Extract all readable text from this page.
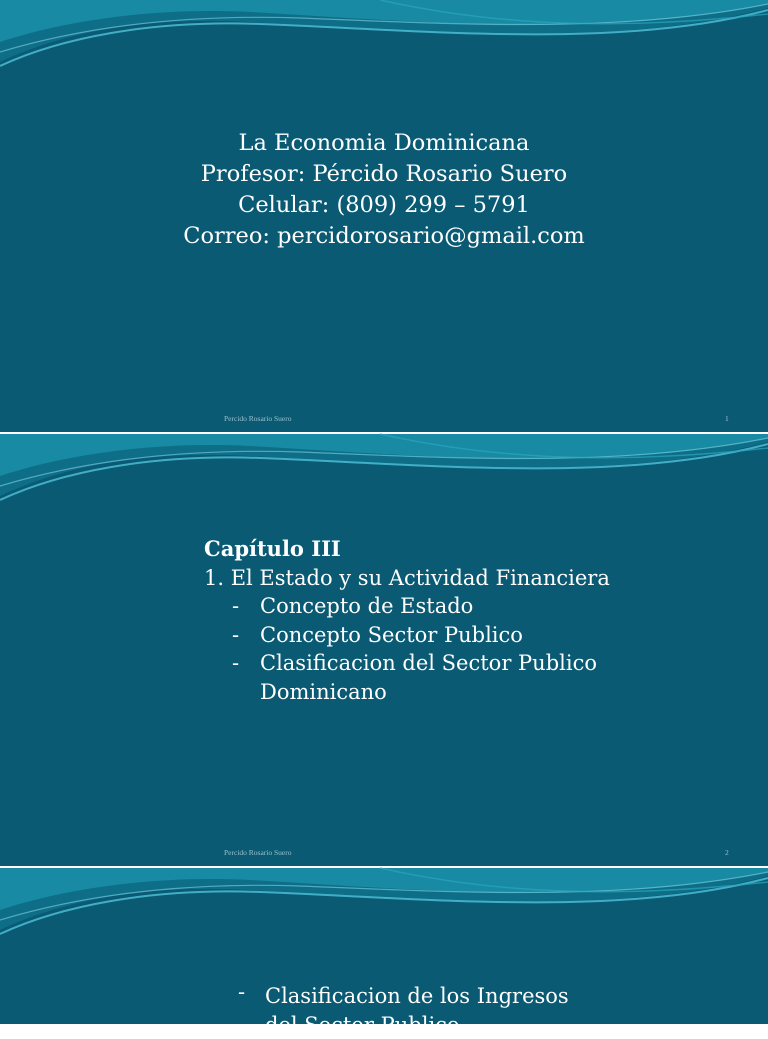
La Economia Dominicana
Profesor: Pércido Rosario Suero
Celular: (809) 299 – 5791
Correo: percidorosario@gmail.com
Percido Rosario Suero	1
Capítulo III
1. El Estado y su Actividad Financiera
- Concepto de Estado
- Concepto Sector Publico
- Clasificacion del Sector Publico
Dominicano
Percido Rosario Suero	2
- Clasificacion de los Ingresos
del Sector Publico
